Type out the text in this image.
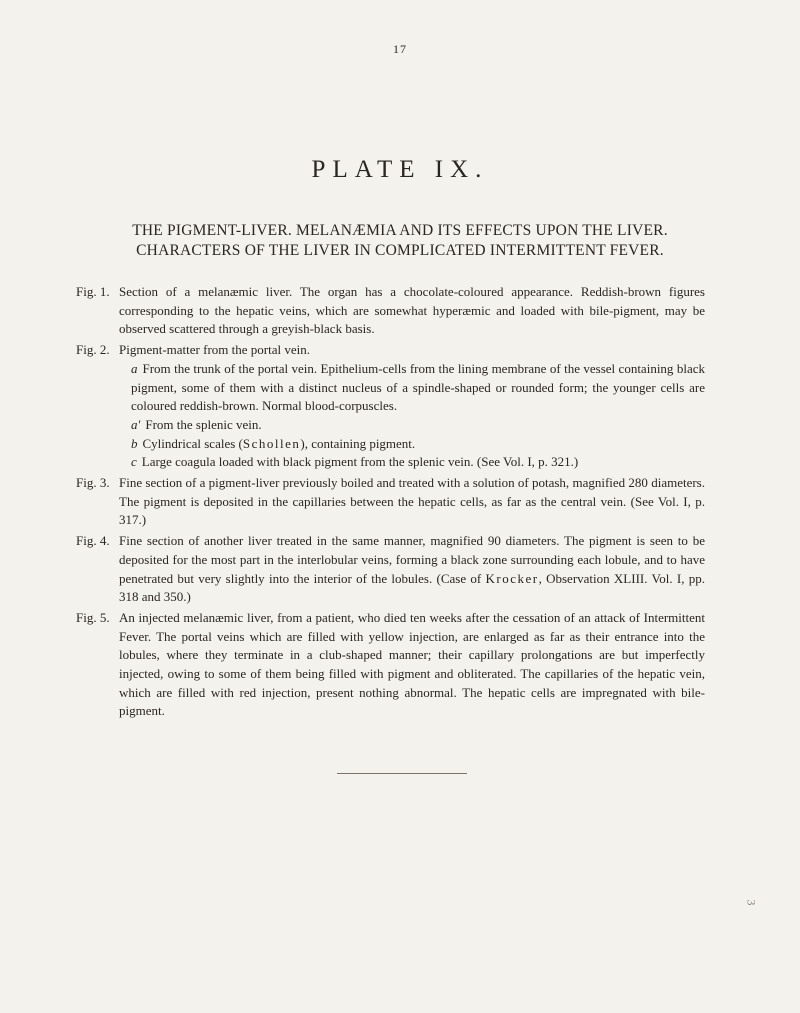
17
PLATE IX.
THE PIGMENT-LIVER. MELANÆMIA AND ITS EFFECTS UPON THE LIVER.
CHARACTERS OF THE LIVER IN COMPLICATED INTERMITTENT FEVER.
Fig. 1. Section of a melanæmic liver. The organ has a chocolate-coloured appearance. Reddish-brown figures corresponding to the hepatic veins, which are somewhat hyperæmic and loaded with bile-pigment, may be observed scattered through a greyish-black basis.
Fig. 2. Pigment-matter from the portal vein.
a From the trunk of the portal vein. Epithelium-cells from the lining membrane of the vessel containing black pigment, some of them with a distinct nucleus of a spindle-shaped or rounded form; the younger cells are coloured reddish-brown. Normal blood-corpuscles.
a′ From the splenic vein.
b Cylindrical scales (Schollen), containing pigment.
c Large coagula loaded with black pigment from the splenic vein. (See Vol. I, p. 321.)
Fig. 3. Fine section of a pigment-liver previously boiled and treated with a solution of potash, magnified 280 diameters. The pigment is deposited in the capillaries between the hepatic cells, as far as the central vein. (See Vol. I, p. 317.)
Fig. 4. Fine section of another liver treated in the same manner, magnified 90 diameters. The pigment is seen to be deposited for the most part in the interlobular veins, forming a black zone surrounding each lobule, and to have penetrated but very slightly into the interior of the lobules. (Case of Krocker, Observation XLIII. Vol. I, pp. 318 and 350.)
Fig. 5. An injected melanæmic liver, from a patient, who died ten weeks after the cessation of an attack of Intermittent Fever. The portal veins which are filled with yellow injection, are enlarged as far as their entrance into the lobules, where they terminate in a club-shaped manner; their capillary prolongations are but imperfectly injected, owing to some of them being filled with pigment and obliterated. The capillaries of the hepatic vein, which are filled with red injection, present nothing abnormal. The hepatic cells are impregnated with bile-pigment.
3
